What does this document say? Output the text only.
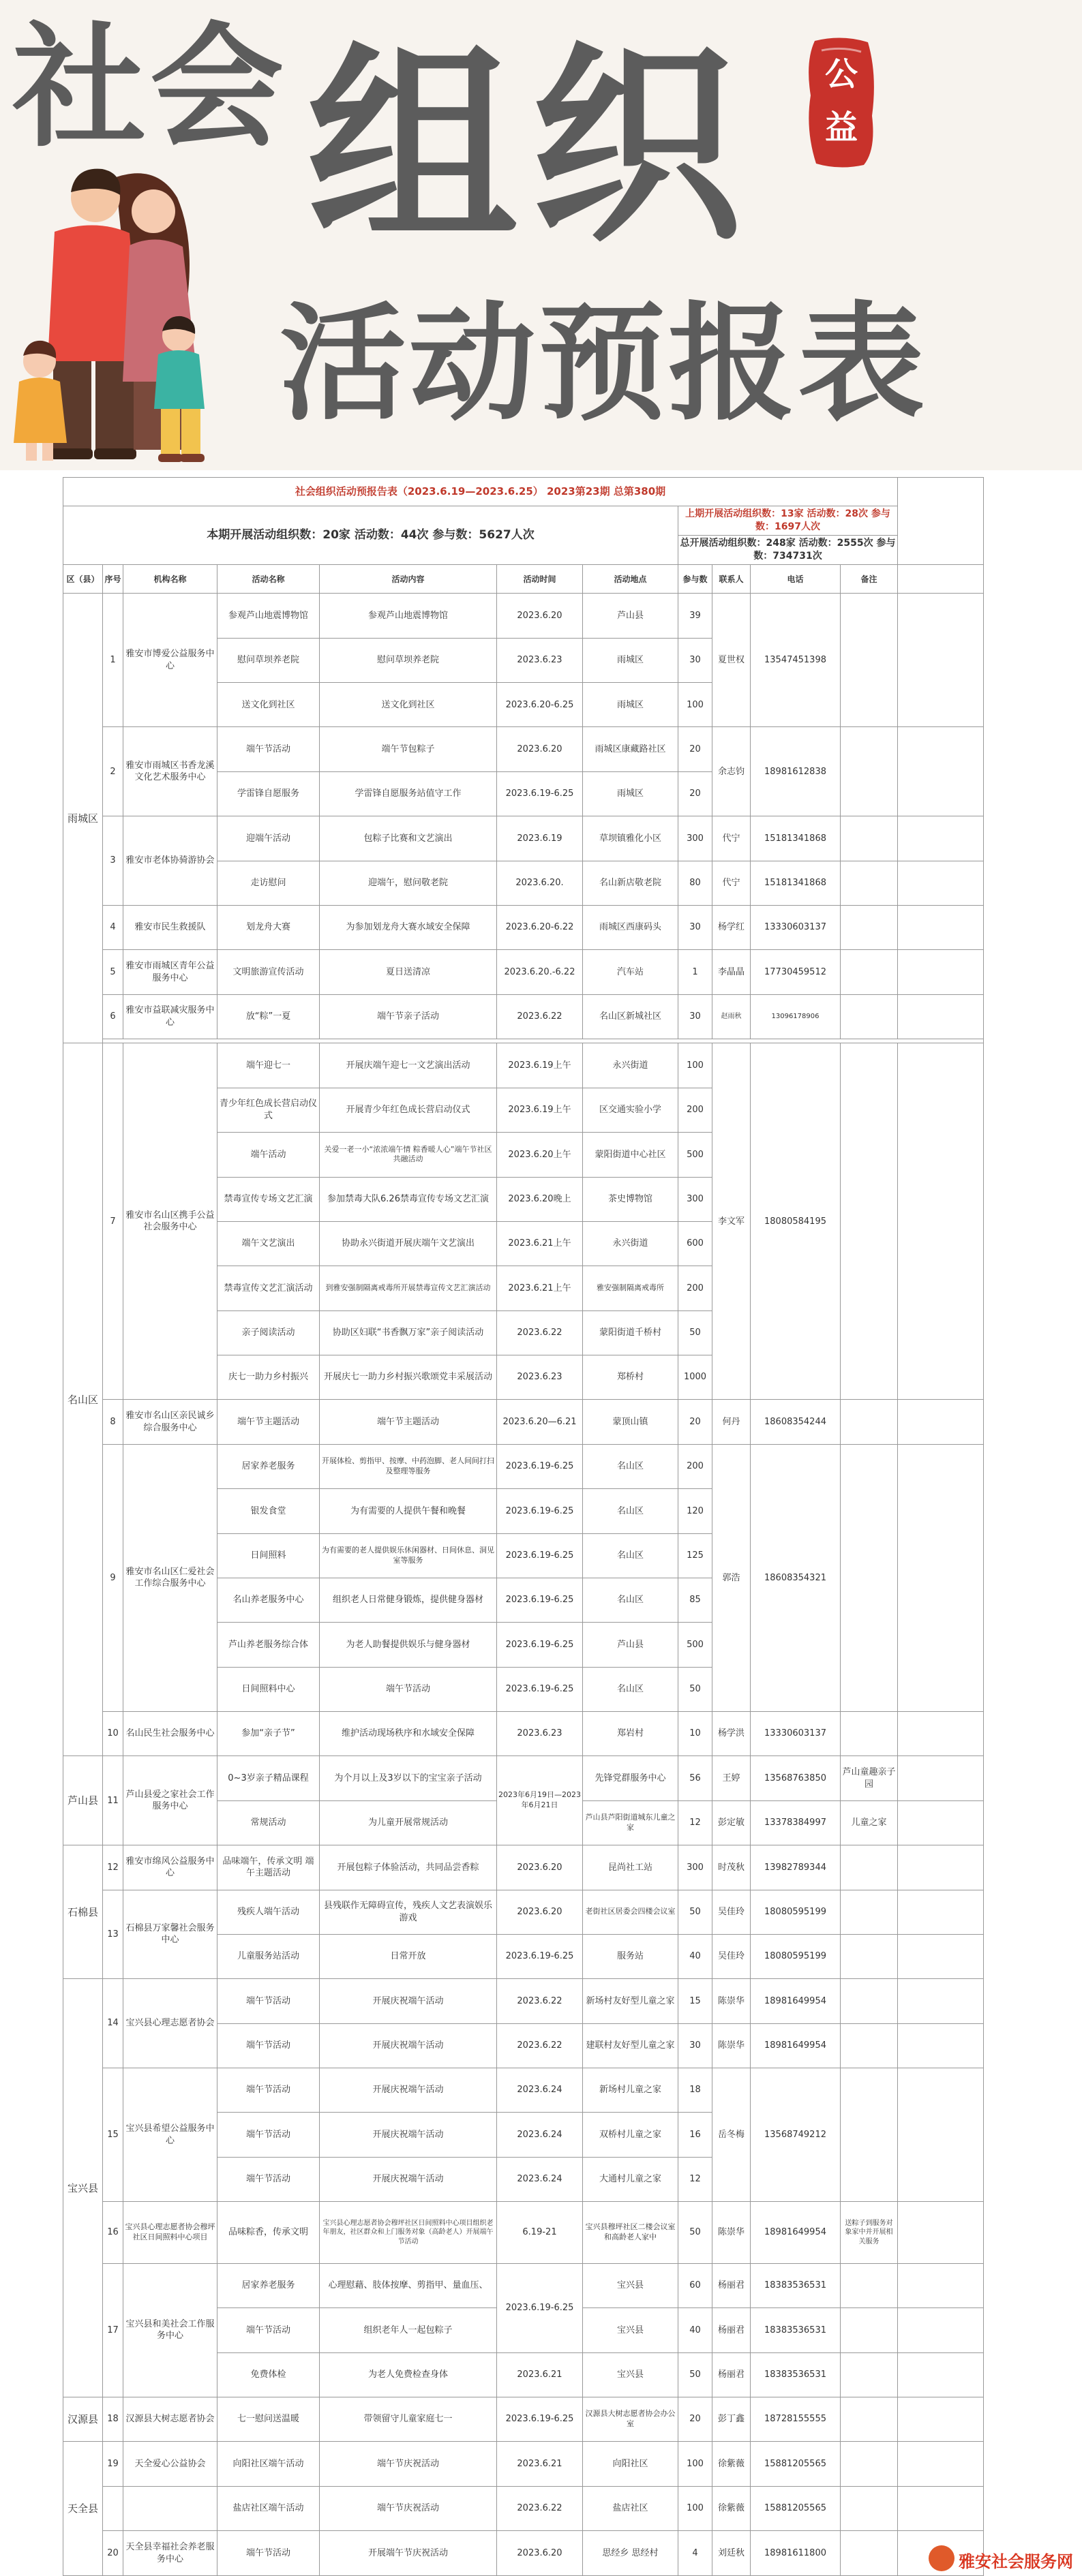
社会 组织
活动预报表
公
益
社会组织活动预报告表（2023.6.19—2023.6.25） 2023第23期 总第380期											
本期开展活动组织数：20家 活动数：44次 参与数：5627人次							上期开展活动组织数：13家 活动数：28次 参与数：1697人次				
							总开展活动组织数：248家 活动数：2555次 参与数：734731次				
区（县）	序号	机构名称	活动名称	活动内容	活动时间	活动地点	参与数	联系人	电话	备注	
雨城区	1	雅安市博爱公益服务中心	参观芦山地震博物馆	参观芦山地震博物馆	2023.6.20	芦山县	39	夏世权	13547451398		
			慰问草坝养老院	慰问草坝养老院	2023.6.23	雨城区	30				
			送文化到社区	送文化到社区	2023.6.20-6.25	雨城区	100				
	2	雅安市雨城区书香龙溪文化艺术服务中心	端午节活动	端午节包粽子	2023.6.20	雨城区康藏路社区	20	余志钧	18981612838		
			学雷锋自愿服务	学雷锋自愿服务站值守工作	2023.6.19-6.25	雨城区	20				
	3	雅安市老体协骑游协会	迎端午活动	包粽子比赛和文艺演出	2023.6.19	草坝镇雅化小区	300	代宁	15181341868		
			走访慰问	迎端午，慰问敬老院	2023.6.20.	名山新店敬老院	80	代宁	15181341868		
	4	雅安市民生救援队	划龙舟大赛	为参加划龙舟大赛水域安全保障	2023.6.20-6.22	雨城区西康码头	30	杨学红	13330603137		
	5	雅安市雨城区青年公益服务中心	文明旅游宣传活动	夏日送清凉	2023.6.20.-6.22	汽车站	1	李晶晶	17730459512		
	6	雅安市益联减灾服务中心	放“粽”一夏	端午节亲子活动	2023.6.22	名山区新城社区	30	赵雨秋	13096178906		

名山区	7	雅安市名山区携手公益社会服务中心	端午迎七一	开展庆端午迎七一文艺演出活动	2023.6.19上午	永兴街道	100	李文军	18080584195		
			青少年红色成长营启动仪式	开展青少年红色成长营启动仪式	2023.6.19上午	区交通实验小学	200				
			端午活动	关爱一老一小“浓浓端午情 粽香暖人心”端午节社区共融活动	2023.6.20上午	蒙阳街道中心社区	500				
			禁毒宣传专场文艺汇演	参加禁毒大队6.26禁毒宣传专场文艺汇演	2023.6.20晚上	茶史博物馆	300				
			端午文艺演出	协助永兴街道开展庆端午文艺演出	2023.6.21上午	永兴街道	600				
			禁毒宣传文艺汇演活动	到雅安强制隔离戒毒所开展禁毒宣传文艺汇演活动	2023.6.21上午	雅安强制隔离戒毒所	200				
			亲子阅读活动	协助区妇联“书香飘万家”亲子阅读活动	2023.6.22	蒙阳街道千桥村	50				
			庆七一助力乡村振兴	开展庆七一助力乡村振兴歌颂党丰采展活动	2023.6.23	郑桥村	1000				
	8	雅安市名山区亲民诚乡综合服务中心	端午节主题活动	端午节主题活动	2023.6.20—6.21	蒙顶山镇	20	何丹	18608354244		
	9	雅安市名山区仁爱社会工作综合服务中心	居家养老服务	开展体检、剪指甲、按摩、中药泡脚、老人间间打扫及整理等服务	2023.6.19-6.25	名山区	200	郭浩	18608354321		
			银发食堂	为有需要的人提供午餐和晚餐	2023.6.19-6.25	名山区	120				
			日间照料	为有需要的老人提供娱乐休闲器材、日间休息、洞见室等服务	2023.6.19-6.25	名山区	125				
			名山养老服务中心	组织老人日常健身锻炼，提供健身器材	2023.6.19-6.25	名山区	85				
			芦山养老服务综合体	为老人助餐提供娱乐与健身器材	2023.6.19-6.25	芦山县	500				
			日间照料中心	端午节活动	2023.6.19-6.25	名山区	50				
	10	名山民生社会服务中心	参加“亲子节”	维护活动现场秩序和水域安全保障	2023.6.23	郑岩村	10	杨学洪	13330603137		
芦山县	11	芦山县爱之家社会工作服务中心	0~3岁亲子精品课程	为个月以上及3岁以下的宝宝亲子活动	2023年6月19日—2023年6月21日	先锋党群服务中心	56	王婷	13568763850	芦山童趣亲子园	
			常规活动	为儿童开展常规活动		芦山县芦阳街道城东儿童之家	12	彭定敏	13378384997	儿童之家	
石棉县	12	雅安市绵风公益服务中心	品味端午，传承文明 端午主题活动	开展包粽子体验活动，共同品尝香粽	2023.6.20	昆尚社工站	300	时茂秋	13982789344		
	13	石棉县万家馨社会服务中心	残疾人端午活动	县残联作无障碍宣传，残疾人文艺表演娱乐游戏	2023.6.20	老街社区居委会四楼会议室	50	吴佳玲	18080595199		
			儿童服务站活动	日常开放	2023.6.19-6.25	服务站	40	吴佳玲	18080595199		
宝兴县	14	宝兴县心理志愿者协会	端午节活动	开展庆祝端午活动	2023.6.22	新场村友好型儿童之家	15	陈崇华	18981649954		
			端午节活动	开展庆祝端午活动	2023.6.22	建联村友好型儿童之家	30	陈崇华	18981649954		
	15	宝兴县希望公益服务中心	端午节活动	开展庆祝端午活动	2023.6.24	新场村儿童之家	18	岳冬梅	13568749212		
			端午节活动	开展庆祝端午活动	2023.6.24	双桥村儿童之家	16				
			端午节活动	开展庆祝端午活动	2023.6.24	大通村儿童之家	12				
	16	宝兴县心理志愿者协会穆坪社区日间照料中心项目	品味粽香，传承文明	宝兴县心理志愿者协会穆坪社区日间照料中心项目组织老年朋友，社区群众和上门服务对象（高龄老人）开展端午节活动	6.19-21	宝兴县穆坪社区二楼会议室和高龄老人家中	50	陈崇华	18981649954	送粽子到服务对象家中并开展相关服务	
	17	宝兴县和美社会工作服务中心	居家养老服务	心理慰藉、肢体按摩、剪指甲、量血压、	2023.6.19-6.25	宝兴县	60	杨丽君	18383536531		
			端午节活动	组织老年人一起包粽子		宝兴县	40	杨丽君	18383536531		
			免费体检	为老人免费检查身体	2023.6.21	宝兴县	50	杨丽君	18383536531		
汉源县	18	汉源县大树志愿者协会	七一慰问送温暖	带领留守儿童家庭七一	2023.6.19-6.25	汉源县大树志愿者协会办公室	20	彭丁鑫	18728155555		
天全县	19	天全爱心公益协会	向阳社区端午活动	端午节庆祝活动	2023.6.21	向阳社区	100	徐紫薇	15881205565		
			盐店社区端午活动	端午节庆祝活动	2023.6.22	盐店社区	100	徐紫薇	15881205565		
	20	天全县幸福社会养老服务中心	端午节活动	开展端午节庆祝活动	2023.6.20	思经乡 思经村	4	刘廷秋	18981611800			雅安社会服务网
